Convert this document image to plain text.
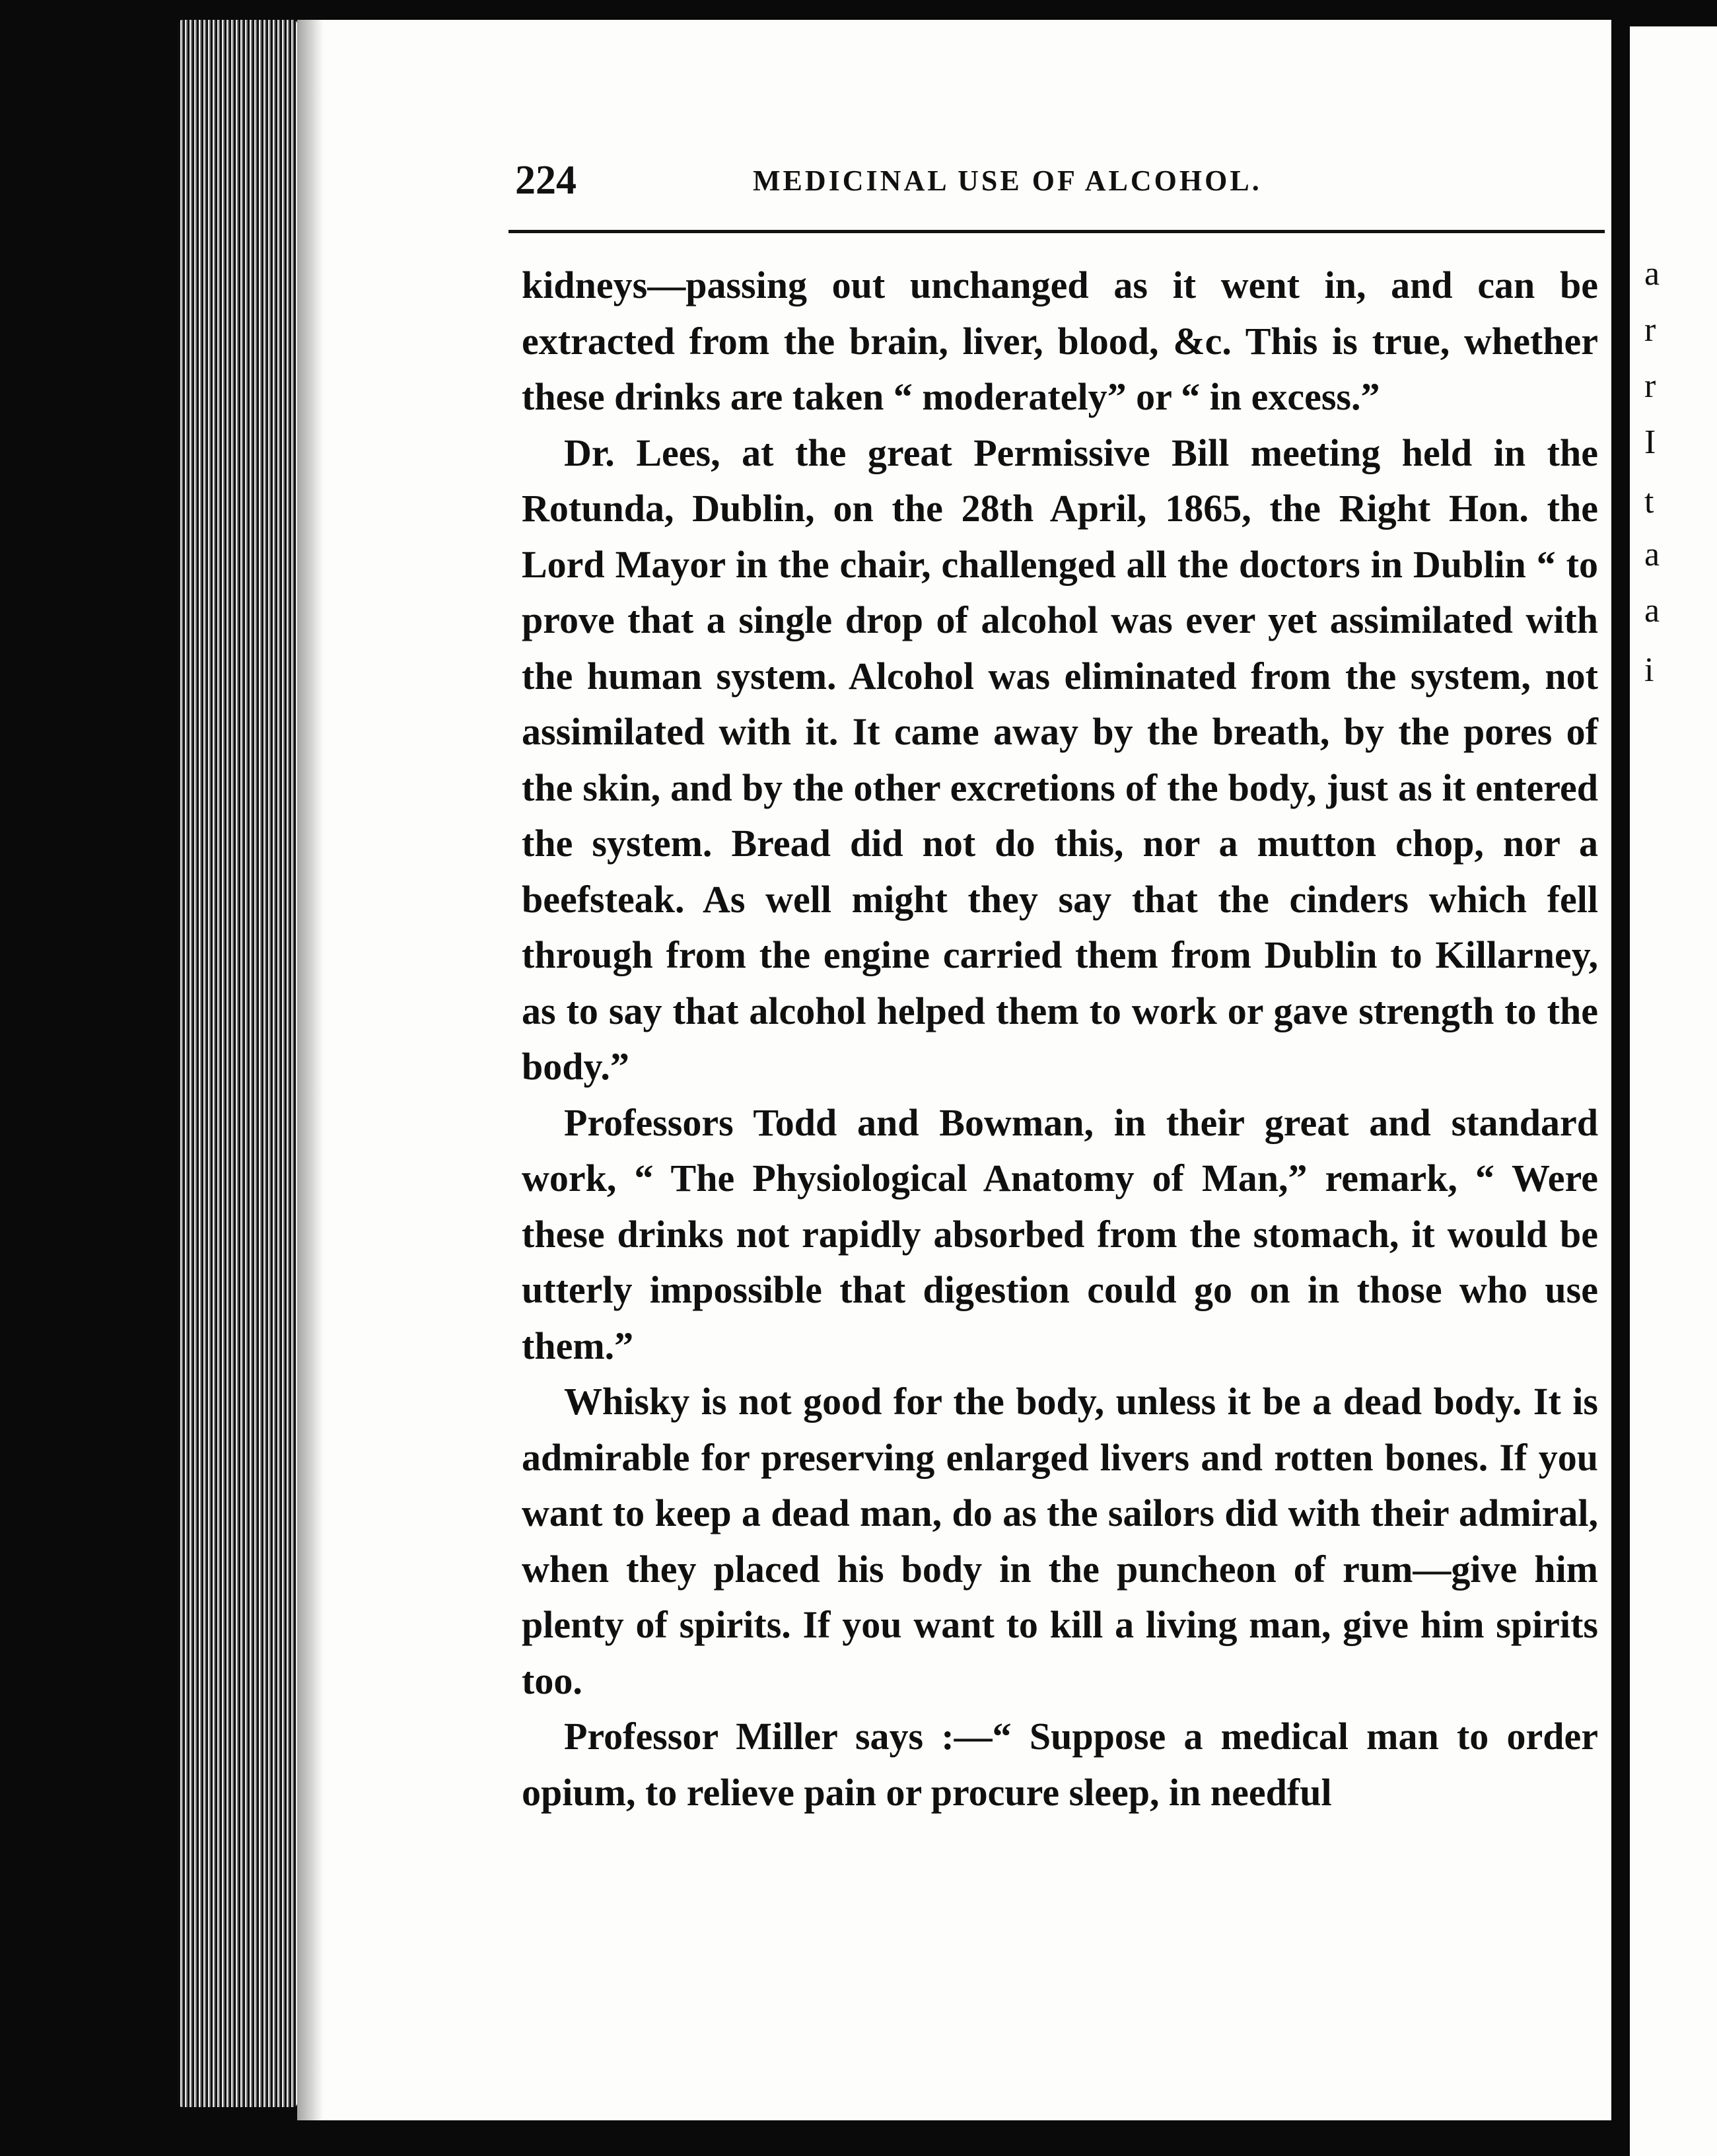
224	MEDICINAL USE OF ALCOHOL.

kidneys—passing out unchanged as it went in, and can be extracted from the brain, liver, blood, &c. This is true, whether these drinks are taken “ moderately” or “ in excess.”

Dr. Lees, at the great Permissive Bill meeting held in the Rotunda, Dublin, on the 28th April, 1865, the Right Hon. the Lord Mayor in the chair, challenged all the doctors in Dublin “ to prove that a single drop of alcohol was ever yet assimilated with the human system. Alcohol was eliminated from the system, not assimilated with it. It came away by the breath, by the pores of the skin, and by the other excretions of the body, just as it entered the system. Bread did not do this, nor a mutton chop, nor a beefsteak. As well might they say that the cinders which fell through from the engine carried them from Dublin to Killarney, as to say that alcohol helped them to work or gave strength to the body.”

Professors Todd and Bowman, in their great and standard work, “ The Physiological Anatomy of Man,” remark, “ Were these drinks not rapidly absorbed from the stomach, it would be utterly impossible that digestion could go on in those who use them.”

Whisky is not good for the body, unless it be a dead body. It is admirable for preserving enlarged livers and rotten bones. If you want to keep a dead man, do as the sailors did with their admiral, when they placed his body in the puncheon of rum—give him plenty of spirits. If you want to kill a living man, give him spirits too.

Professor Miller says :—“ Suppose a medical man to order opium, to relieve pain or procure sleep, in needful

a
r
r
I
t
a
a
i
